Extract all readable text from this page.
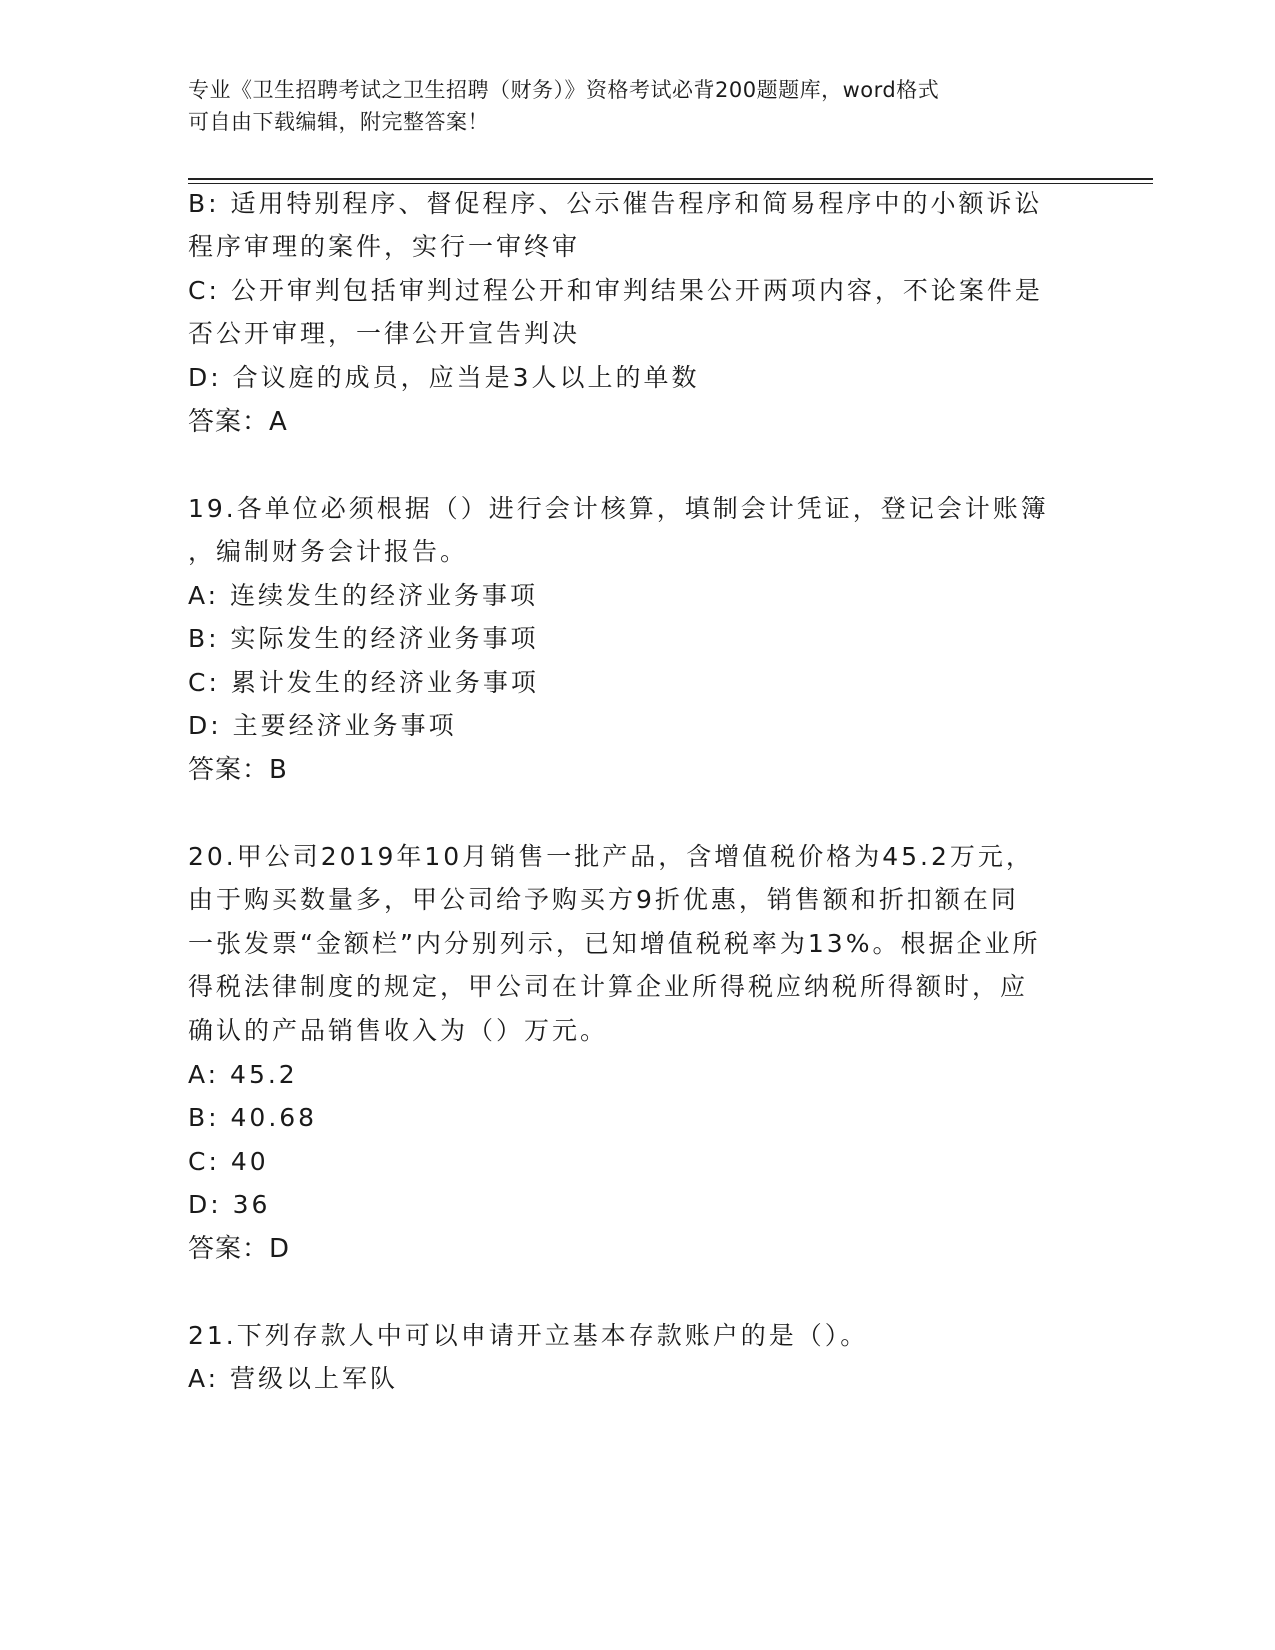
专业《卫生招聘考试之卫生招聘（财务）》资格考试必背200题题库，word格式
可自由下载编辑，附完整答案！
B: 适用特别程序、督促程序、公示催告程序和简易程序中的小额诉讼
程序审理的案件，实行一审终审
C: 公开审判包括审判过程公开和审判结果公开两项内容，不论案件是
否公开审理，一律公开宣告判决
D: 合议庭的成员，应当是3人以上的单数
答案：A
19.各单位必须根据（）进行会计核算，填制会计凭证，登记会计账簿
，编制财务会计报告。
A: 连续发生的经济业务事项
B: 实际发生的经济业务事项
C: 累计发生的经济业务事项
D: 主要经济业务事项
答案：B
20.甲公司2019年10月销售一批产品，含增值税价格为45.2万元，
由于购买数量多，甲公司给予购买方9折优惠，销售额和折扣额在同
一张发票“金额栏”内分别列示，已知增值税税率为13%。根据企业所
得税法律制度的规定，甲公司在计算企业所得税应纳税所得额时，应
确认的产品销售收入为（）万元。
A: 45.2
B: 40.68
C: 40
D: 36
答案：D
21.下列存款人中可以申请开立基本存款账户的是（）。
A: 营级以上军队
